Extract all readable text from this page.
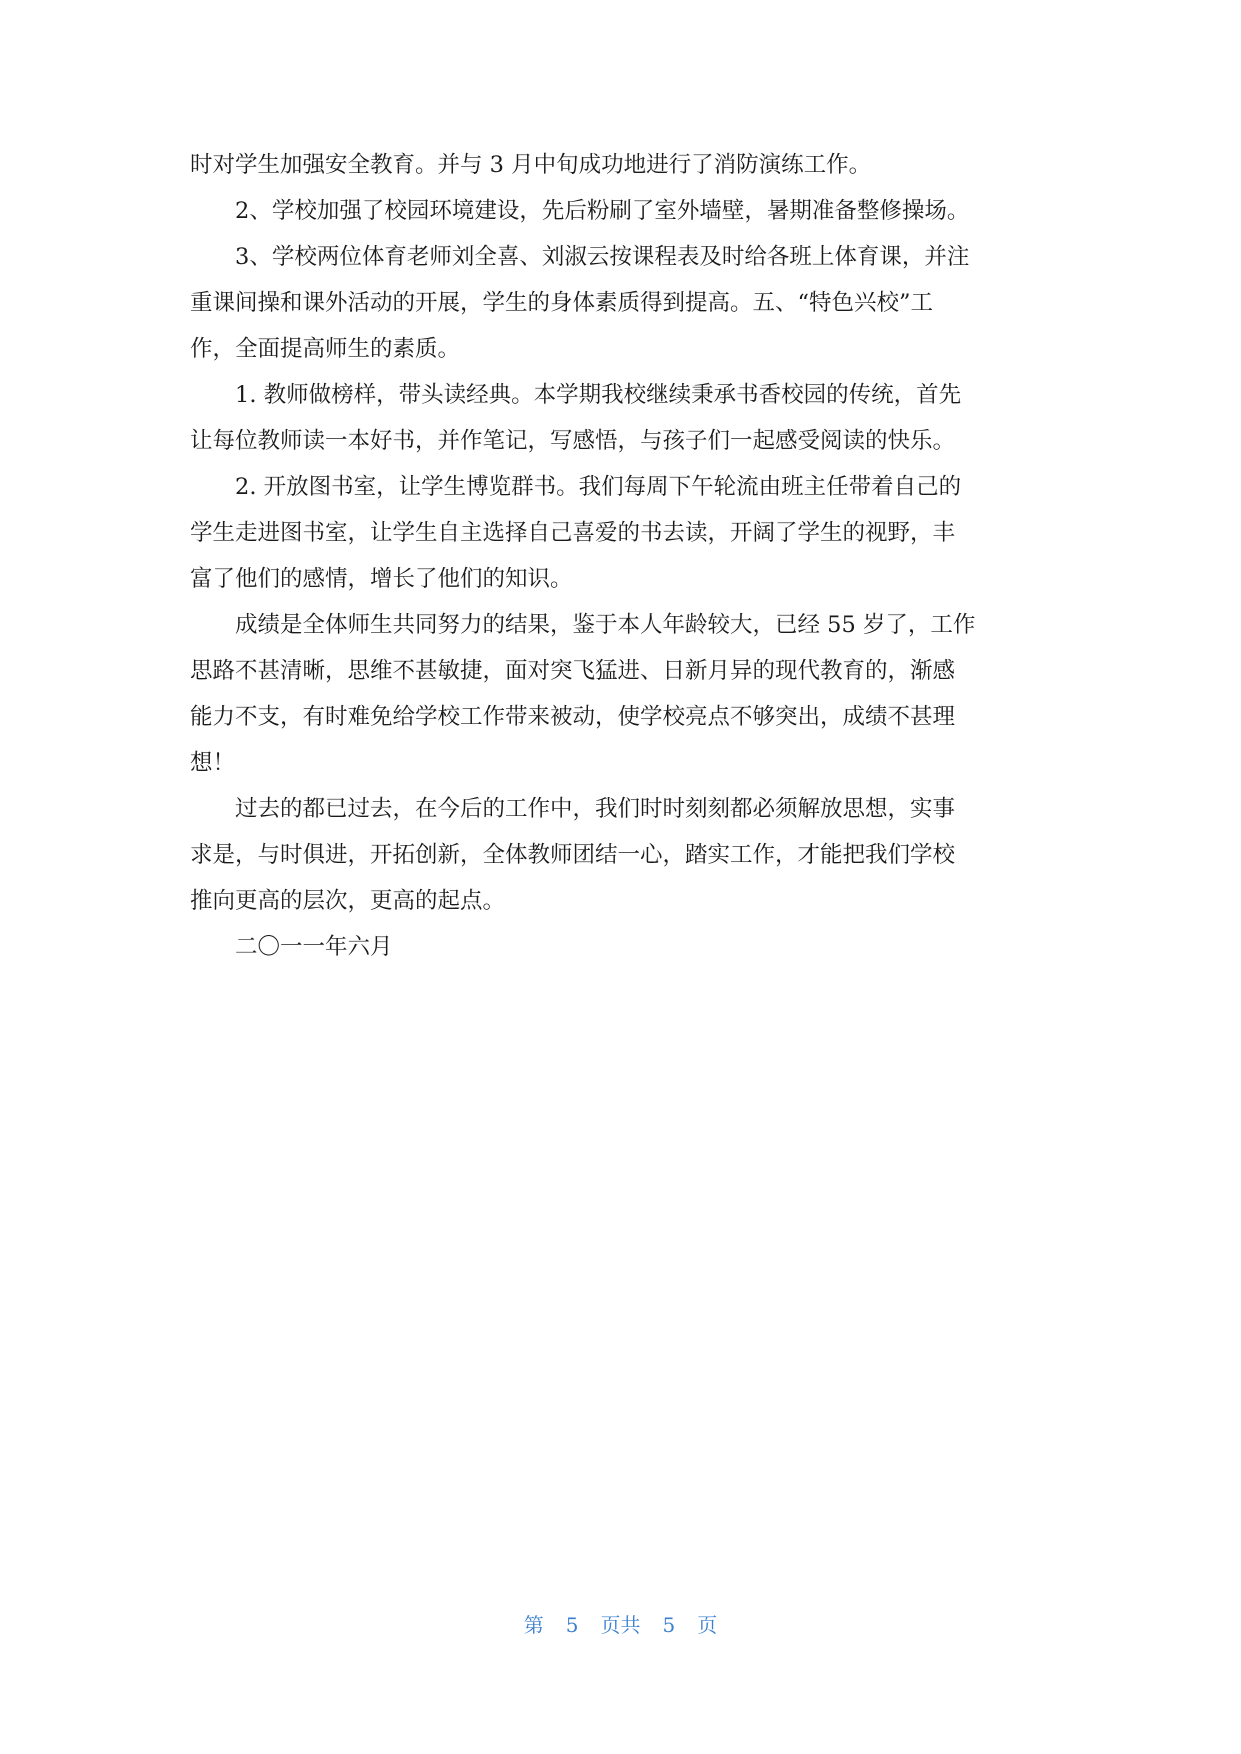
时对学生加强安全教育。并与 3 月中旬成功地进行了消防演练工作。
2、学校加强了校园环境建设，先后粉刷了室外墙壁，暑期准备整修操场。
3、学校两位体育老师刘全喜、刘淑云按课程表及时给各班上体育课，并注
重课间操和课外活动的开展，学生的身体素质得到提高。五、“特色兴校”工
作，全面提高师生的素质。
1. 教师做榜样，带头读经典。本学期我校继续秉承书香校园的传统，首先
让每位教师读一本好书，并作笔记，写感悟，与孩子们一起感受阅读的快乐。
2. 开放图书室，让学生博览群书。我们每周下午轮流由班主任带着自己的
学生走进图书室，让学生自主选择自己喜爱的书去读，开阔了学生的视野，丰
富了他们的感情，增长了他们的知识。
成绩是全体师生共同努力的结果，鉴于本人年龄较大，已经 55 岁了，工作
思路不甚清晰，思维不甚敏捷，面对突飞猛进、日新月异的现代教育的，渐感
能力不支，有时难免给学校工作带来被动，使学校亮点不够突出，成绩不甚理
想！
过去的都已过去，在今后的工作中，我们时时刻刻都必须解放思想，实事
求是，与时俱进，开拓创新，全体教师团结一心，踏实工作，才能把我们学校
推向更高的层次，更高的起点。
二〇一一年六月
第 5 页共 5 页
